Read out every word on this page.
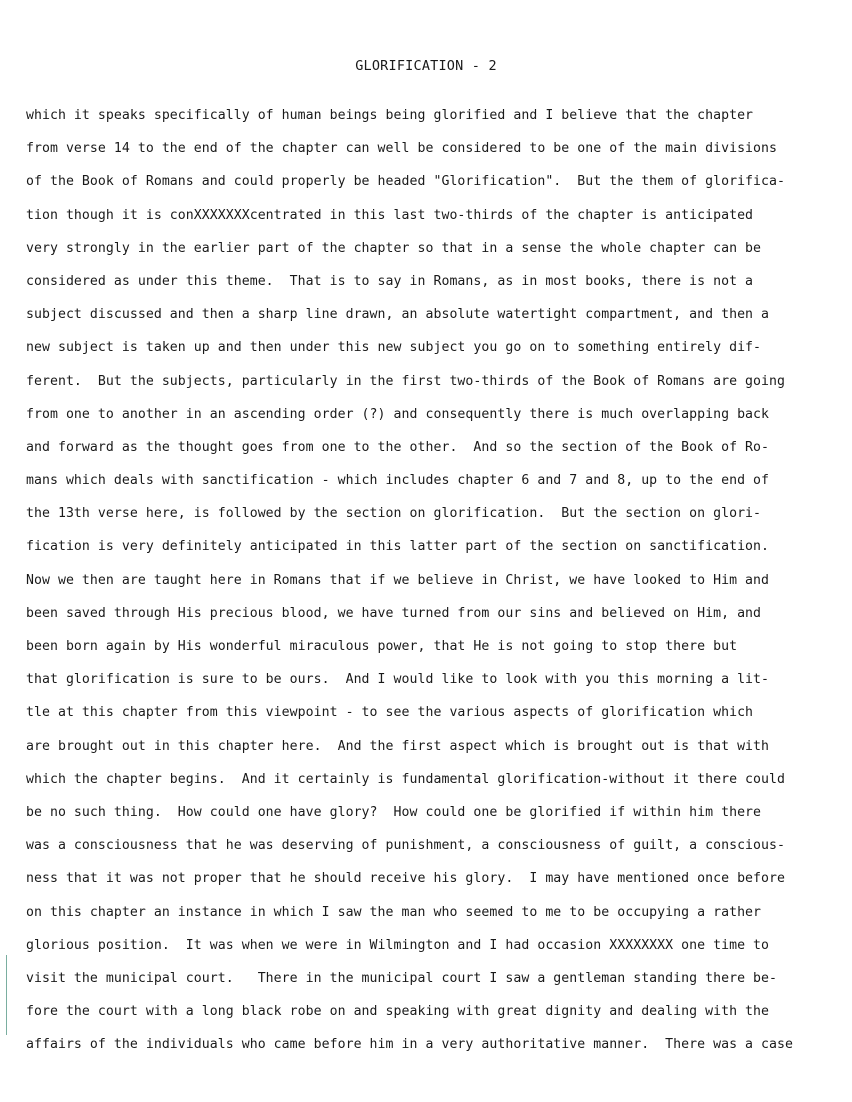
GLORIFICATION - 2
which it speaks specifically of human beings being glorified and I believe that the chapter
from verse 14 to the end of the chapter can well be considered to be one of the main divisions
of the Book of Romans and could properly be headed "Glorification".  But the them of glorifica-
tion though it is conXXXXXXXcentrated in this last two-thirds of the chapter is anticipated
very strongly in the earlier part of the chapter so that in a sense the whole chapter can be
considered as under this theme.  That is to say in Romans, as in most books, there is not a
subject discussed and then a sharp line drawn, an absolute watertight compartment, and then a
new subject is taken up and then under this new subject you go on to something entirely dif-
ferent.  But the subjects, particularly in the first two-thirds of the Book of Romans are going
from one to another in an ascending order (?) and consequently there is much overlapping back
and forward as the thought goes from one to the other.  And so the section of the Book of Ro-
mans which deals with sanctification - which includes chapter 6 and 7 and 8, up to the end of
the 13th verse here, is followed by the section on glorification.  But the section on glori-
fication is very definitely anticipated in this latter part of the section on sanctification.
Now we then are taught here in Romans that if we believe in Christ, we have looked to Him and
been saved through His precious blood, we have turned from our sins and believed on Him, and
been born again by His wonderful miraculous power, that He is not going to stop there but
that glorification is sure to be ours.  And I would like to look with you this morning a lit-
tle at this chapter from this viewpoint - to see the various aspects of glorification which
are brought out in this chapter here.  And the first aspect which is brought out is that with
which the chapter begins.  And it certainly is fundamental glorification-without it there could
be no such thing.  How could one have glory?  How could one be glorified if within him there
was a consciousness that he was deserving of punishment, a consciousness of guilt, a conscious-
ness that it was not proper that he should receive his glory.  I may have mentioned once before
on this chapter an instance in which I saw the man who seemed to me to be occupying a rather
glorious position.  It was when we were in Wilmington and I had occasion XXXXXXXX one time to
visit the municipal court.   There in the municipal court I saw a gentleman standing there be-
fore the court with a long black robe on and speaking with great dignity and dealing with the
affairs of the individuals who came before him in a very authoritative manner.  There was a case
